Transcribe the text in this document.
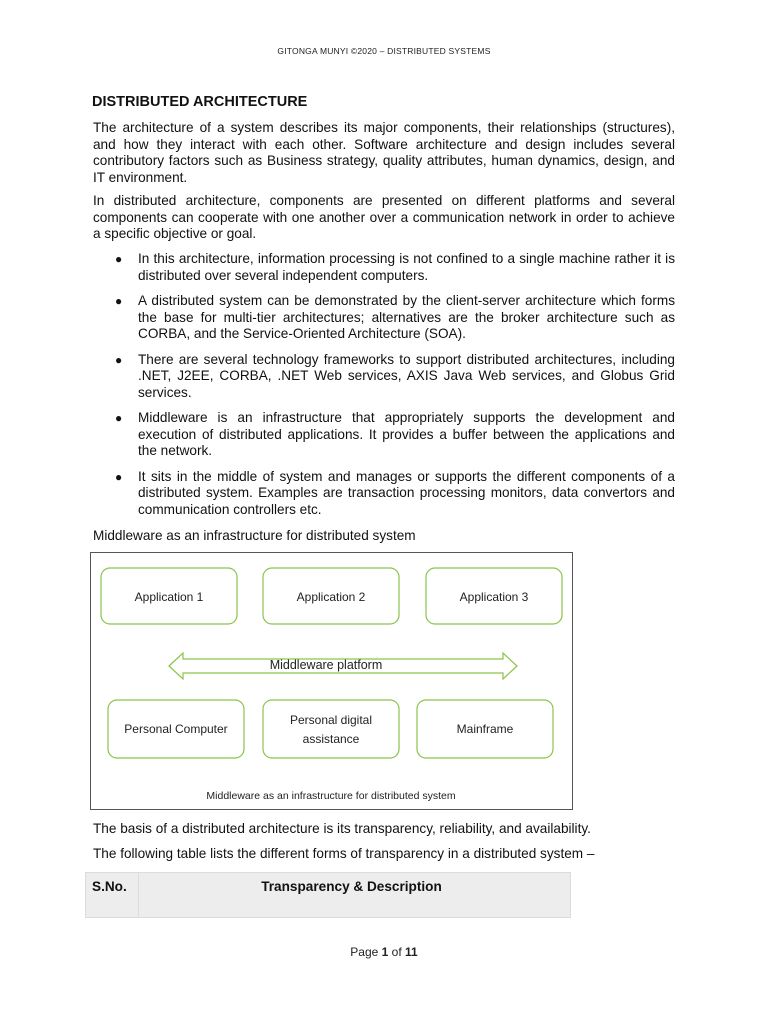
GITONGA MUNYI ©2020 – DISTRIBUTED SYSTEMS
DISTRIBUTED ARCHITECTURE

The architecture of a system describes its major components, their relationships (structures), and how they interact with each other. Software architecture and design includes several contributory factors such as Business strategy, quality attributes, human dynamics, design, and IT environment.

In distributed architecture, components are presented on different platforms and several components can cooperate with one another over a communication network in order to achieve a specific objective or goal.

● In this architecture, information processing is not confined to a single machine rather it is distributed over several independent computers.
● A distributed system can be demonstrated by the client-server architecture which forms the base for multi-tier architectures; alternatives are the broker architecture such as CORBA, and the Service-Oriented Architecture (SOA).
● There are several technology frameworks to support distributed architectures, including .NET, J2EE, CORBA, .NET Web services, AXIS Java Web services, and Globus Grid services.
● Middleware is an infrastructure that appropriately supports the development and execution of distributed applications. It provides a buffer between the applications and the network.
● It sits in the middle of system and manages or supports the different components of a distributed system. Examples are transaction processing monitors, data convertors and communication controllers etc.

Middleware as an infrastructure for distributed system

Application 1	Application 2	Application 3
Middleware platform
Personal Computer
Personal digital
assistance
Mainframe
Middleware as an infrastructure for distributed system

The basis of a distributed architecture is its transparency, reliability, and availability.

The following table lists the different forms of transparency in a distributed system –

S.No.	Transparency & Description
Page 1 of 11
